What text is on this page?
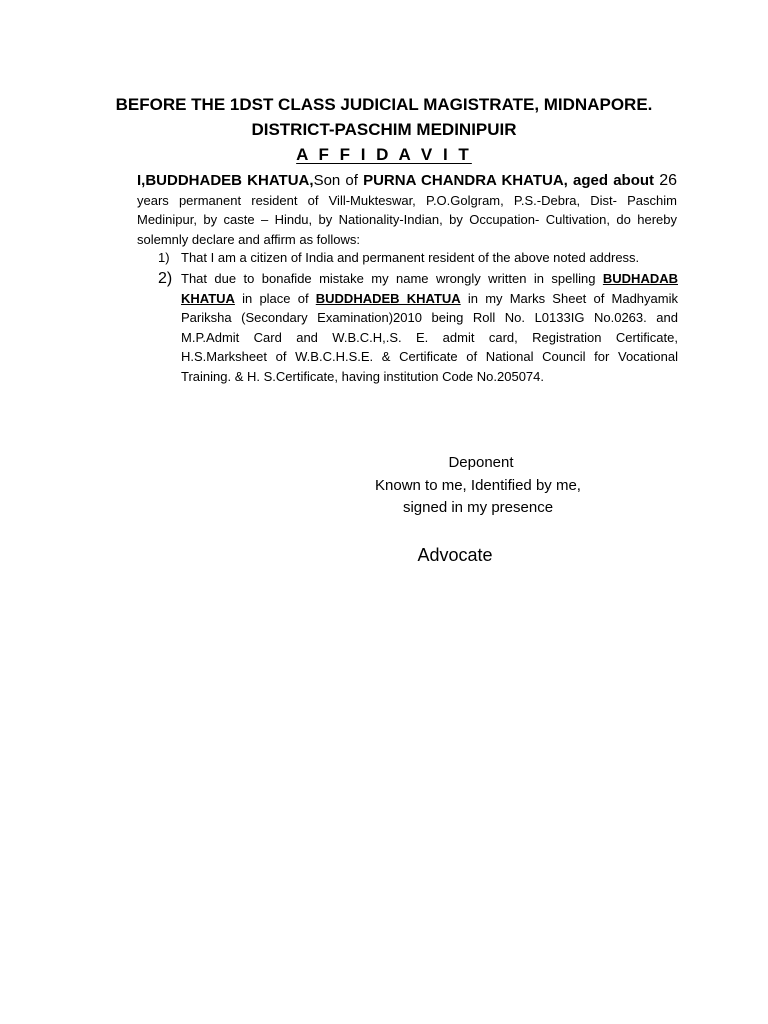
BEFORE THE 1DST CLASS JUDICIAL MAGISTRATE, MIDNAPORE.
DISTRICT-PASCHIM MEDINIPUIR
A F F I D A V I T
I,BUDDHADEB KHATUA,Son of PURNA CHANDRA KHATUA, aged about 26 years permanent resident of Vill-Mukteswar, P.O.Golgram, P.S.-Debra, Dist- Paschim Medinipur, by caste – Hindu, by Nationality-Indian, by Occupation- Cultivation, do hereby solemnly declare and affirm as follows:
1) That I am a citizen of India and permanent resident of the above noted address.
2) That due to bonafide mistake my name wrongly written in spelling BUDHADAB KHATUA in place of BUDDHADEB KHATUA in my Marks Sheet of Madhyamik Pariksha (Secondary Examination)2010 being Roll No. L0133IG No.0263. and M.P.Admit Card and W.B.C.H,.S. E. admit card, Registration Certificate, H.S.Marksheet of W.B.C.H.S.E. & Certificate of National Council for Vocational Training. & H. S.Certificate, having institution Code No.205074.
Deponent
Known to me, Identified by me,
signed in my presence
Advocate
